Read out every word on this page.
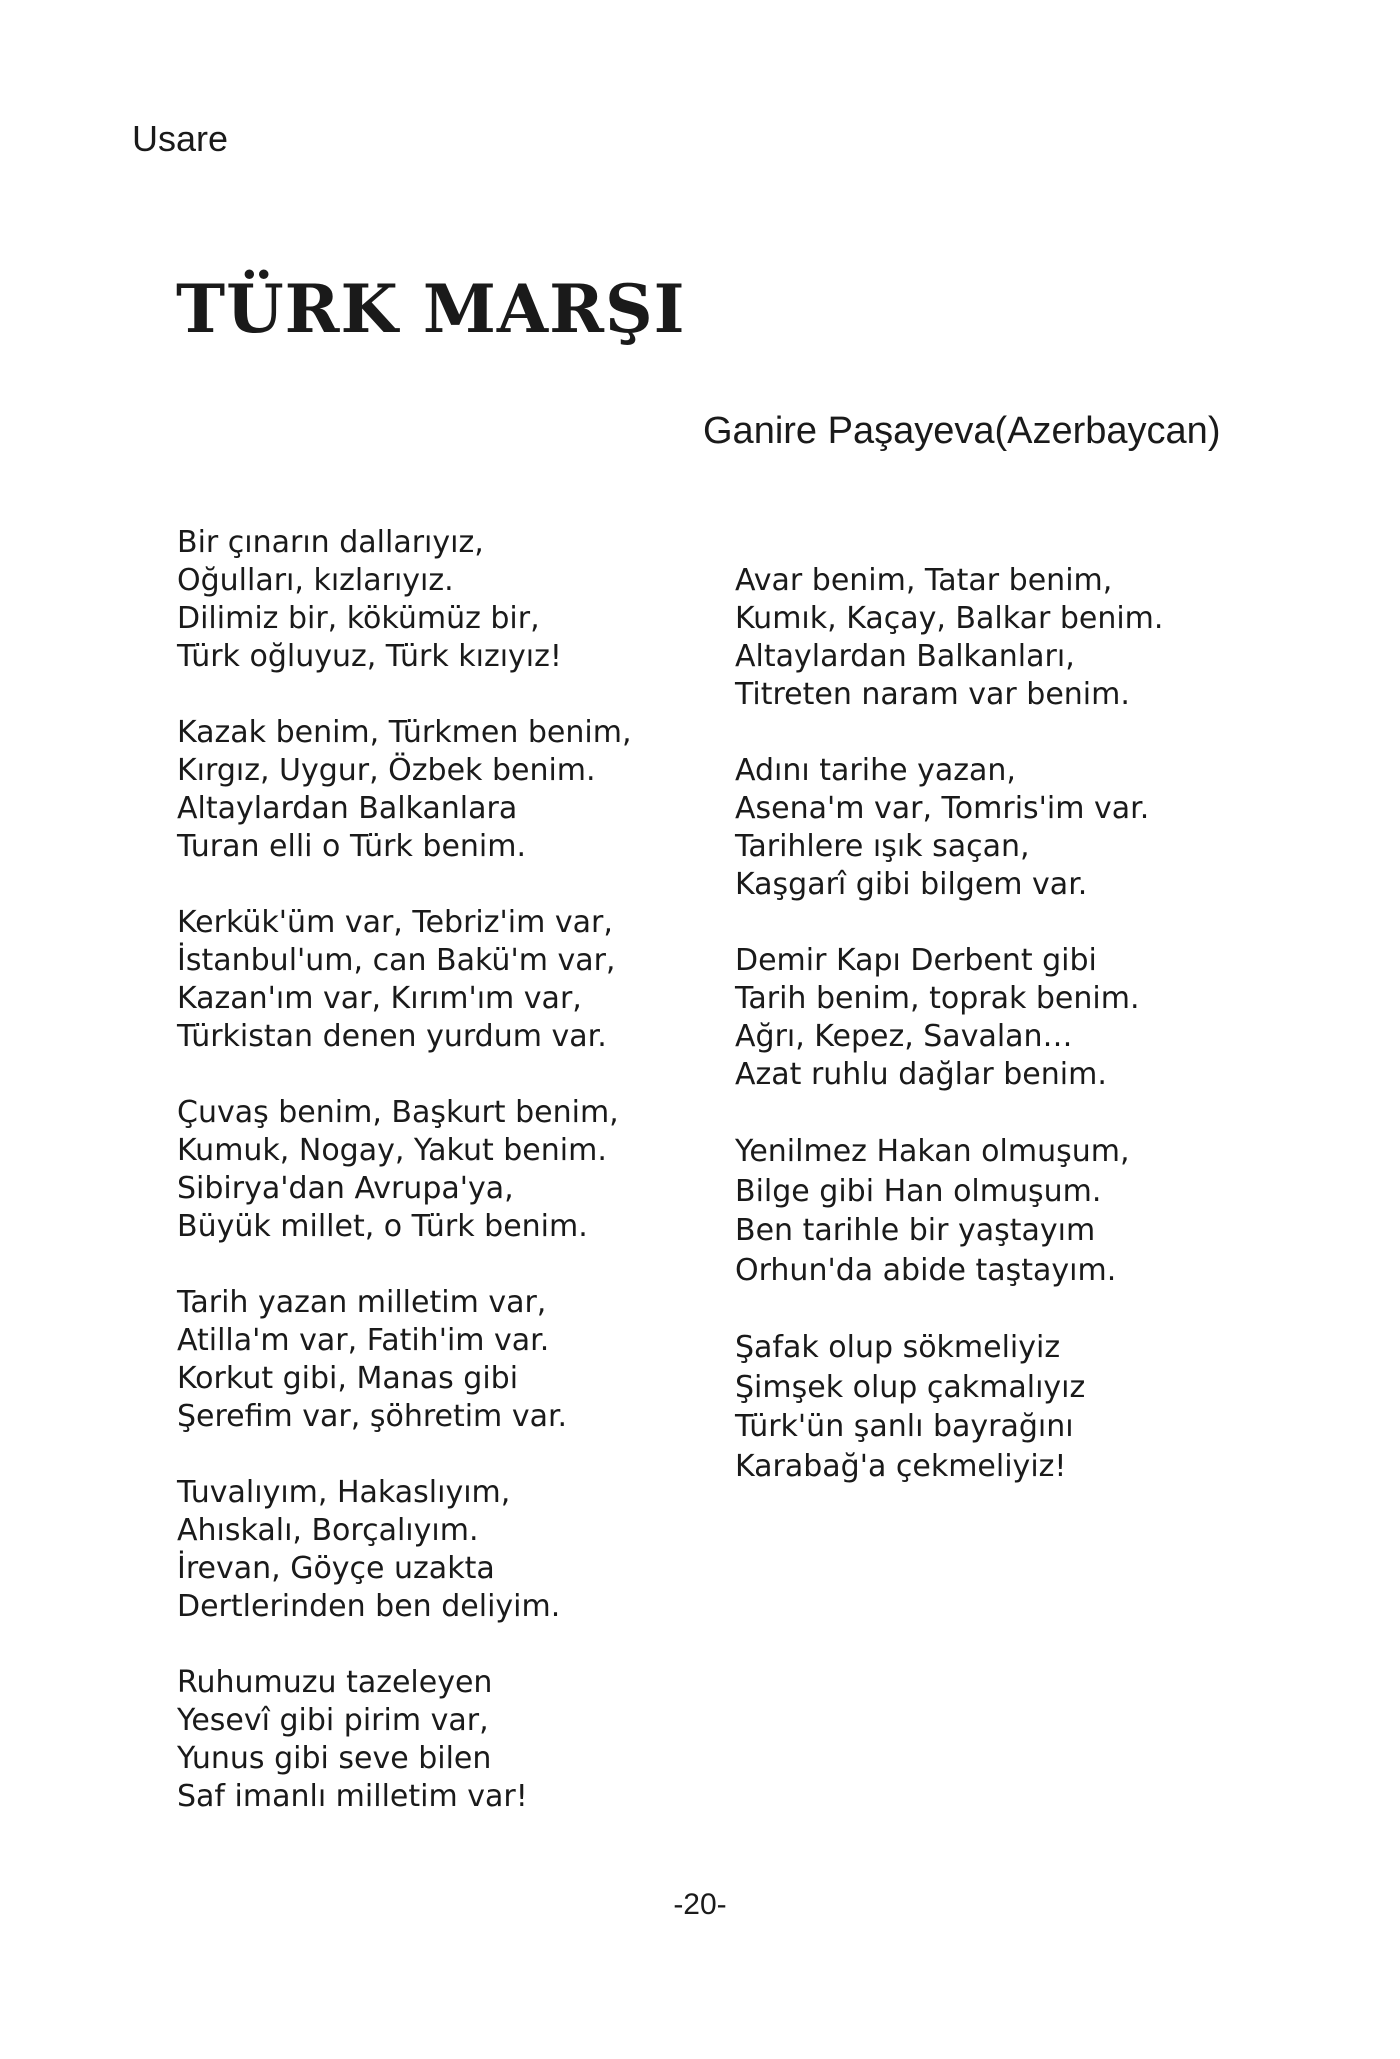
Usare
TÜRK MARŞI
Ganire Paşayeva(Azerbaycan)
Bir çınarın dallarıyız,
Oğulları, kızlarıyız.
Dilimiz bir, kökümüz bir,
Türk oğluyuz, Türk kızıyız!
Kazak benim, Türkmen benim,
Kırgız, Uygur, Özbek benim.
Altaylardan Balkanlara
Turan elli o Türk benim.
Kerkük'üm var, Tebriz'im var,
İstanbul'um, can Bakü'm var,
Kazan'ım var, Kırım'ım var,
Türkistan denen yurdum var.
Çuvaş benim, Başkurt benim,
Kumuk, Nogay, Yakut benim.
Sibirya'dan Avrupa'ya,
Büyük millet, o Türk benim.
Tarih yazan milletim var,
Atilla'm var, Fatih'im var.
Korkut gibi, Manas gibi
Şerefim var, şöhretim var.
Tuvalıyım, Hakaslıyım,
Ahıskalı, Borçalıyım.
İrevan, Göyçe uzakta
Dertlerinden ben deliyim.
Ruhumuzu tazeleyen
Yesevî gibi pirim var,
Yunus gibi seve bilen
Saf imanlı milletim var!
Avar benim, Tatar benim,
Kumık, Kaçay, Balkar benim.
Altaylardan Balkanları,
Titreten naram var benim.
Adını tarihe yazan,
Asena'm var, Tomris'im var.
Tarihlere ışık saçan,
Kaşgarî gibi bilgem var.
Demir Kapı Derbent gibi
Tarih benim, toprak benim.
Ağrı, Kepez, Savalan…
Azat ruhlu dağlar benim.
Yenilmez Hakan olmuşum,
Bilge gibi Han olmuşum.
Ben tarihle bir yaştayım
Orhun'da abide taştayım.
Şafak olup sökmeliyiz
Şimşek olup çakmalıyız
Türk'ün şanlı bayrağını
Karabağ'a çekmeliyiz!
-20-
